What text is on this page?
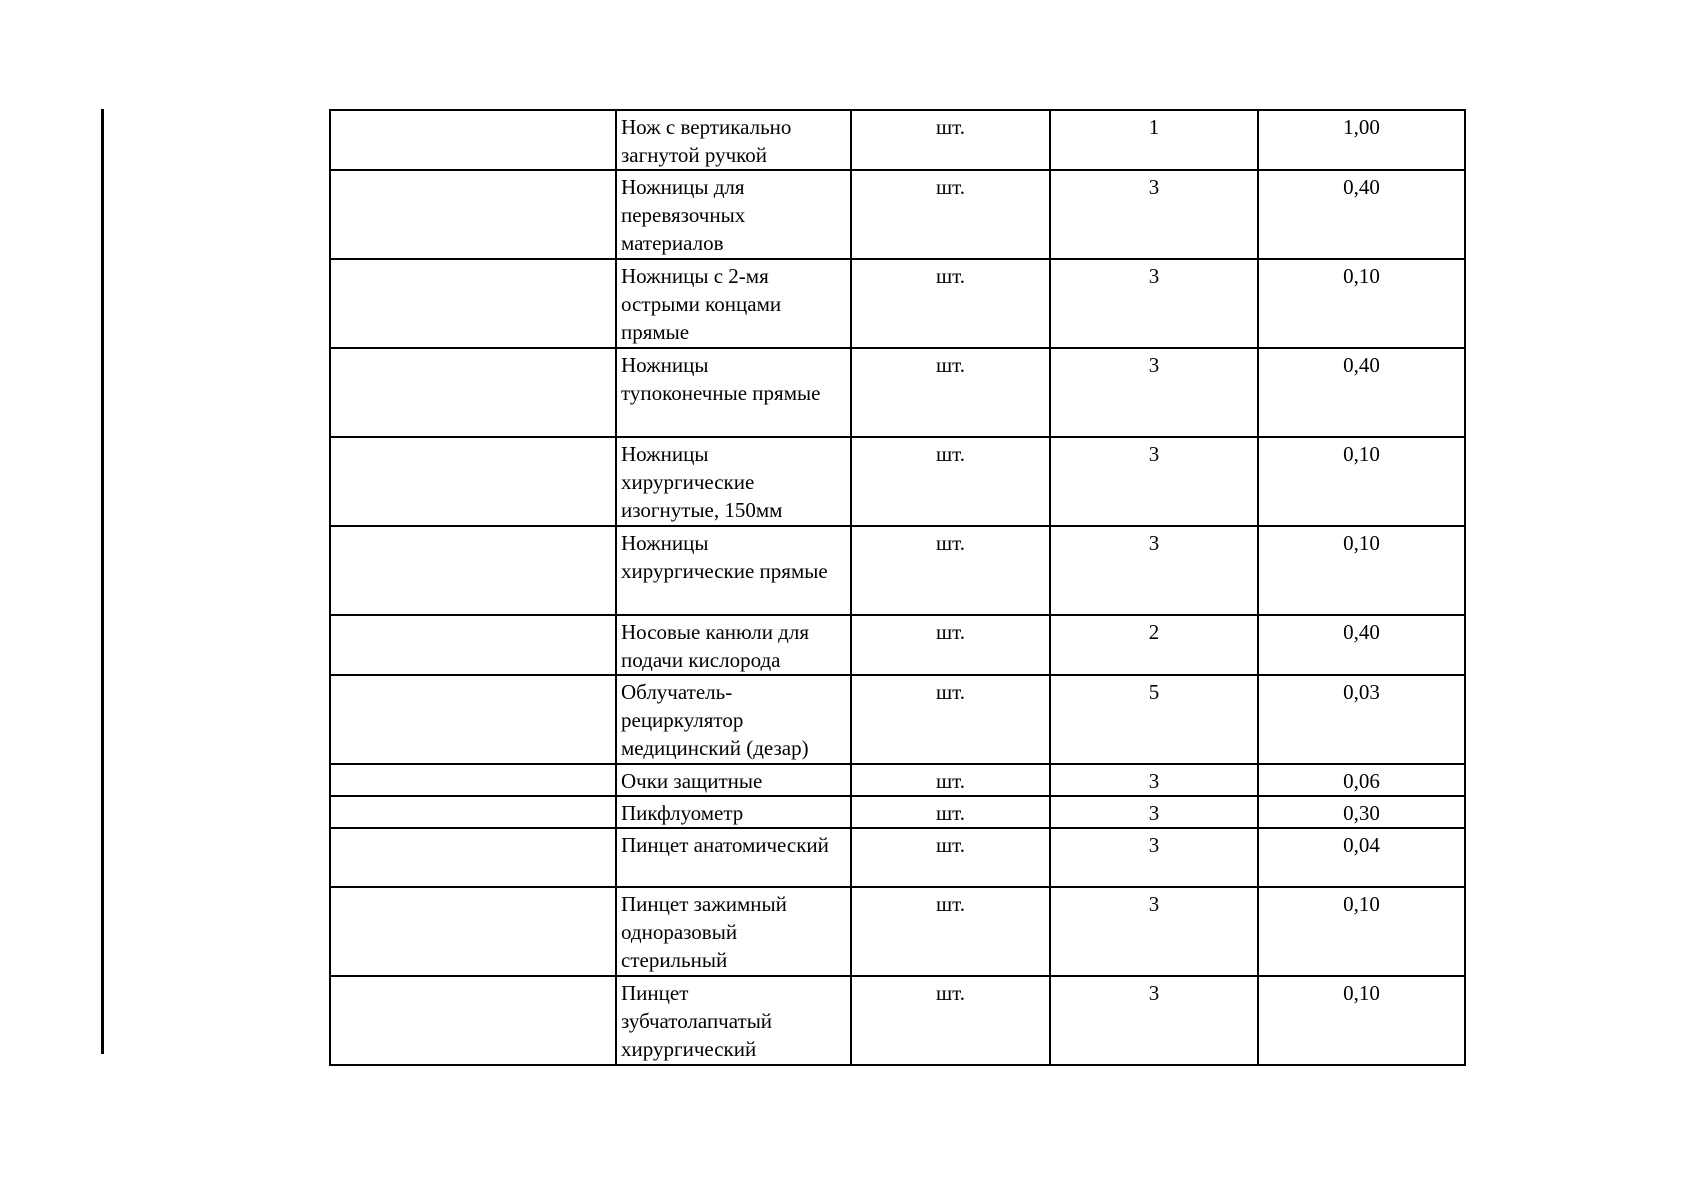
	Нож с вертикально
загнутой ручкой	шт.	1	1,00

	Ножницы для
перевязочных
материалов	шт.	3	0,40

	Ножницы с 2-мя
острыми концами
прямые	шт.	3	0,10

	Ножницы
тупоконечные прямые	шт.	3	0,40

	Ножницы
хирургические
изогнутые, 150мм	шт.	3	0,10

	Ножницы
хирургические прямые	шт.	3	0,10

	Носовые канюли для
подачи кислорода	шт.	2	0,40

	Облучатель-
рециркулятор
медицинский (дезар)	шт.	5	0,03

	Очки защитные	шт.	3	0,06

	Пикфлуометр	шт.	3	0,30

	Пинцет анатомический	шт.	3	0,04

	Пинцет зажимный
одноразовый
стерильный	шт.	3	0,10

	Пинцет
зубчатолапчатый
хирургический	шт.	3	0,10
